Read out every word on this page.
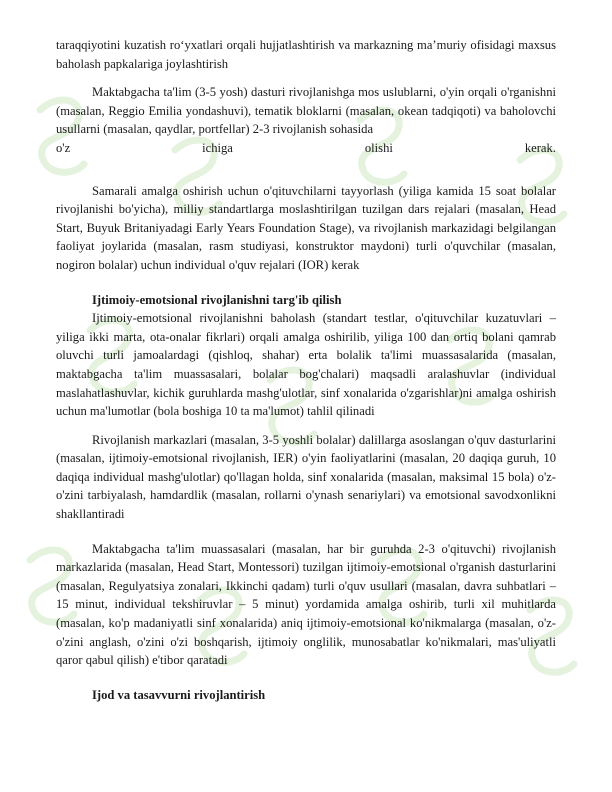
taraqqiyotini kuzatish ro‘yxatlari orqali hujjatlashtirish va markazning ma’muriy ofisidagi maxsus baholash papkalariga joylashtirish

Maktabgacha ta'lim (3-5 yosh) dasturi rivojlanishga mos uslublarni, o'yin orqali o'rganishni (masalan, Reggio Emilia yondashuvi), tematik bloklarni (masalan, okean tadqiqoti) va baholovchi usullarni (masalan, qaydlar, portfellar) 2-3 rivojlanish sohasida

o'z	ichiga	olishi	kerak.

Samarali amalga oshirish uchun o'qituvchilarni tayyorlash (yiliga kamida 15 soat bolalar rivojlanishi bo'yicha), milliy standartlarga moslashtirilgan tuzilgan dars rejalari (masalan, Head Start, Buyuk Britaniyadagi Early Years Foundation Stage), va rivojlanish markazidagi belgilangan faoliyat joylarida (masalan, rasm studiyasi, konstruktor maydoni) turli o'quvchilar (masalan, nogiron bolalar) uchun individual o'quv rejalari (IOR) kerak

Ijtimoiy-emotsional rivojlanishni targ'ib qilish

Ijtimoiy-emotsional rivojlanishni baholash (standart testlar, o'qituvchilar kuzatuvlari – yiliga ikki marta, ota-onalar fikrlari) orqali amalga oshirilib, yiliga 100 dan ortiq bolani qamrab oluvchi turli jamoalardagi (qishloq, shahar) erta bolalik ta'limi muassasalarida (masalan, maktabgacha ta'lim muassasalari, bolalar bog'chalari) maqsadli aralashuvlar (individual maslahatlashuvlar, kichik guruhlarda mashg'ulotlar, sinf xonalarida o'zgarishlar)ni amalga oshirish uchun ma'lumotlar (bola boshiga 10 ta ma'lumot) tahlil qilinadi

Rivojlanish markazlari (masalan, 3-5 yoshli bolalar) dalillarga asoslangan o'quv dasturlarini (masalan, ijtimoiy-emotsional rivojlanish, IER) o'yin faoliyatlarini (masalan, 20 daqiqa guruh, 10 daqiqa individual mashg'ulotlar) qo'llagan holda, sinf xonalarida (masalan, maksimal 15 bola) o'z-o'zini tarbiyalash, hamdardlik (masalan, rollarni o'ynash senariylari) va emotsional savodxonlikni shakllantiradi

Maktabgacha ta'lim muassasalari (masalan, har bir guruhda 2-3 o'qituvchi) rivojlanish markazlarida (masalan, Head Start, Montessori) tuzilgan ijtimoiy-emotsional o'rganish dasturlarini (masalan, Regulyatsiya zonalari, Ikkinchi qadam) turli o'quv usullari (masalan, davra suhbatlari – 15 minut, individual tekshiruvlar – 5 minut) yordamida amalga oshirib, turli xil muhitlarda (masalan, ko'p madaniyatli sinf xonalarida) aniq ijtimoiy-emotsional ko'nikmalarga (masalan, o'z-o'zini anglash, o'zini o'zi boshqarish, ijtimoiy onglilik, munosabatlar ko'nikmalari, mas'uliyatli qaror qabul qilish) e'tibor qaratadi

Ijod va tasavvurni rivojlantirish
